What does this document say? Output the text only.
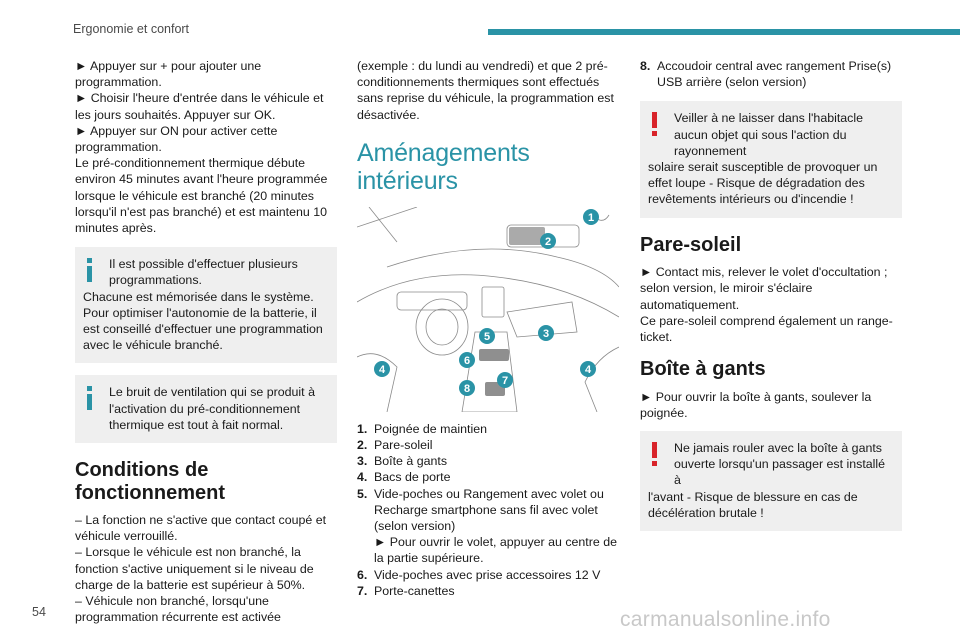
Ergonomie et confort

► Appuyer sur + pour ajouter une programmation.

► Choisir l'heure d'entrée dans le véhicule et les jours souhaités. Appuyer sur OK.

► Appuyer sur ON pour activer cette programmation.

Le pré-conditionnement thermique débute environ 45 minutes avant l'heure programmée lorsque le véhicule est branché (20 minutes lorsqu'il n'est pas branché) et est maintenu 10 minutes après.

Il est possible d'effectuer plusieurs programmations.
Chacune est mémorisée dans le système. Pour optimiser l'autonomie de la batterie, il est conseillé d'effectuer une programmation avec le véhicule branché.
Le bruit de ventilation qui se produit à l'activation du pré-conditionnement thermique est tout à fait normal.
Conditions de fonctionnement

– La fonction ne s'active que contact coupé et véhicule verrouillé.

– Lorsque le véhicule est non branché, la fonction s'active uniquement si le niveau de charge de la batterie est supérieur à 50%.

– Véhicule non branché, lorsqu'une programmation récurrente est activée

(exemple : du lundi au vendredi) et que 2 pré-conditionnements thermiques sont effectués sans reprise du véhicule, la programmation est désactivée.

Aménagements intérieurs
1
2
3
4
5
6
7
8
4
1. Poignée de maintien
2. Pare-soleil
3. Boîte à gants
4. Bacs de porte
5. Vide-poches ou Rangement avec volet ou Recharge smartphone sans fil avec volet (selon version)
► Pour ouvrir le volet, appuyer au centre de la partie supérieure.
6. Vide-poches avec prise accessoires 12 V
7. Porte-canettes
8. Accoudoir central avec rangement Prise(s) USB arrière (selon version)
Veiller à ne laisser dans l'habitacle aucun objet qui sous l'action du rayonnement
solaire serait susceptible de provoquer un effet loupe - Risque de dégradation des revêtements intérieurs ou d'incendie !
Pare-soleil

► Contact mis, relever le volet d'occultation ; selon version, le miroir s'éclaire automatiquement.

Ce pare-soleil comprend également un range-ticket.

Boîte à gants

► Pour ouvrir la boîte à gants, soulever la poignée.

Ne jamais rouler avec la boîte à gants ouverte lorsqu'un passager est installé à
l'avant - Risque de blessure en cas de décélération brutale !
54	carmanualsonline.info
